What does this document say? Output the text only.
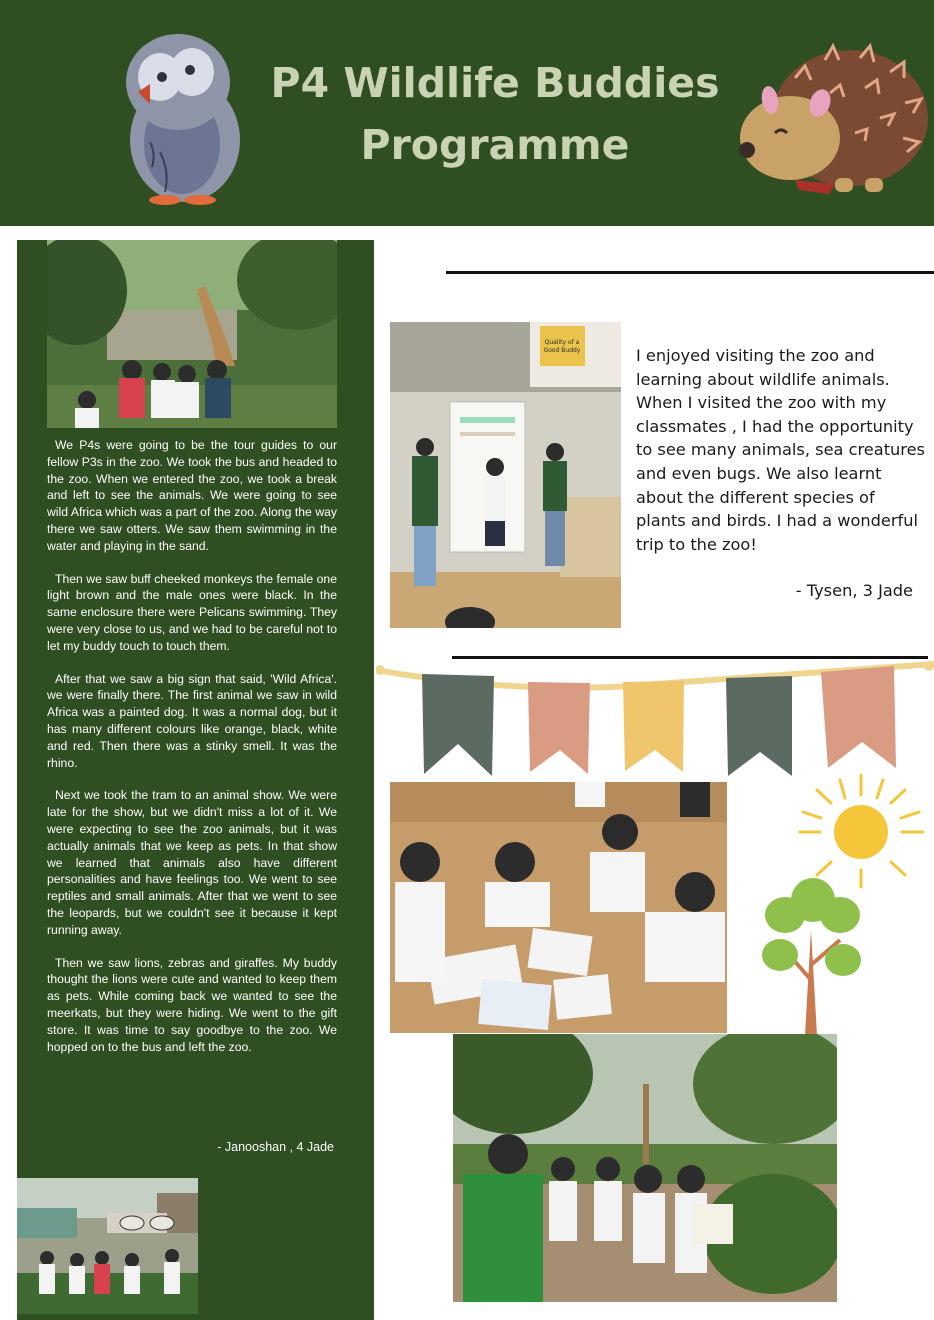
P4 Wildlife Buddies
Programme

We P4s were going to be the tour guides to our fellow P3s in the zoo. We took the bus and headed to the zoo. When we entered the zoo, we took a break and left to see the animals. We were going to see wild Africa which was a part of the zoo. Along the way there we saw otters. We saw them swimming in the water and playing in the sand.

Then we saw buff cheeked monkeys the female one light brown and the male ones were black. In the same enclosure there were Pelicans swimming. They were very close to us, and we had to be careful not to let my buddy touch to touch them.

After that we saw a big sign that said, 'Wild Africa'. we were finally there. The first animal we saw in wild Africa was a painted dog. It was a normal dog, but it has many different colours like orange, black, white and red. Then there was a stinky smell. It was the rhino.

Next we took the tram to an animal show. We were late for the show, but we didn't miss a lot of it. We were expecting to see the zoo animals, but it was actually animals that we keep as pets. In that show we learned that animals also have different personalities and have feelings too. We went to see reptiles and small animals. After that we went to see the leopards, but we couldn't see it because it kept running away.

Then we saw lions, zebras and giraffes. My buddy thought the lions were cute and wanted to keep them as pets. While coming back we wanted to see the meerkats, but they were hiding. We went to the gift store. It was time to say goodbye to the zoo. We hopped on to the bus and left the zoo.

- Janooshan , 4 Jade
Quality of a
Good Buddy	I enjoyed visiting the zoo and learning about wildlife animals. When I visited the zoo with my classmates , I had the opportunity to see many animals, sea creatures and even bugs. We also learnt about the different species of plants and birds. I had a wonderful trip to the zoo!
- Tysen, 3 Jade
